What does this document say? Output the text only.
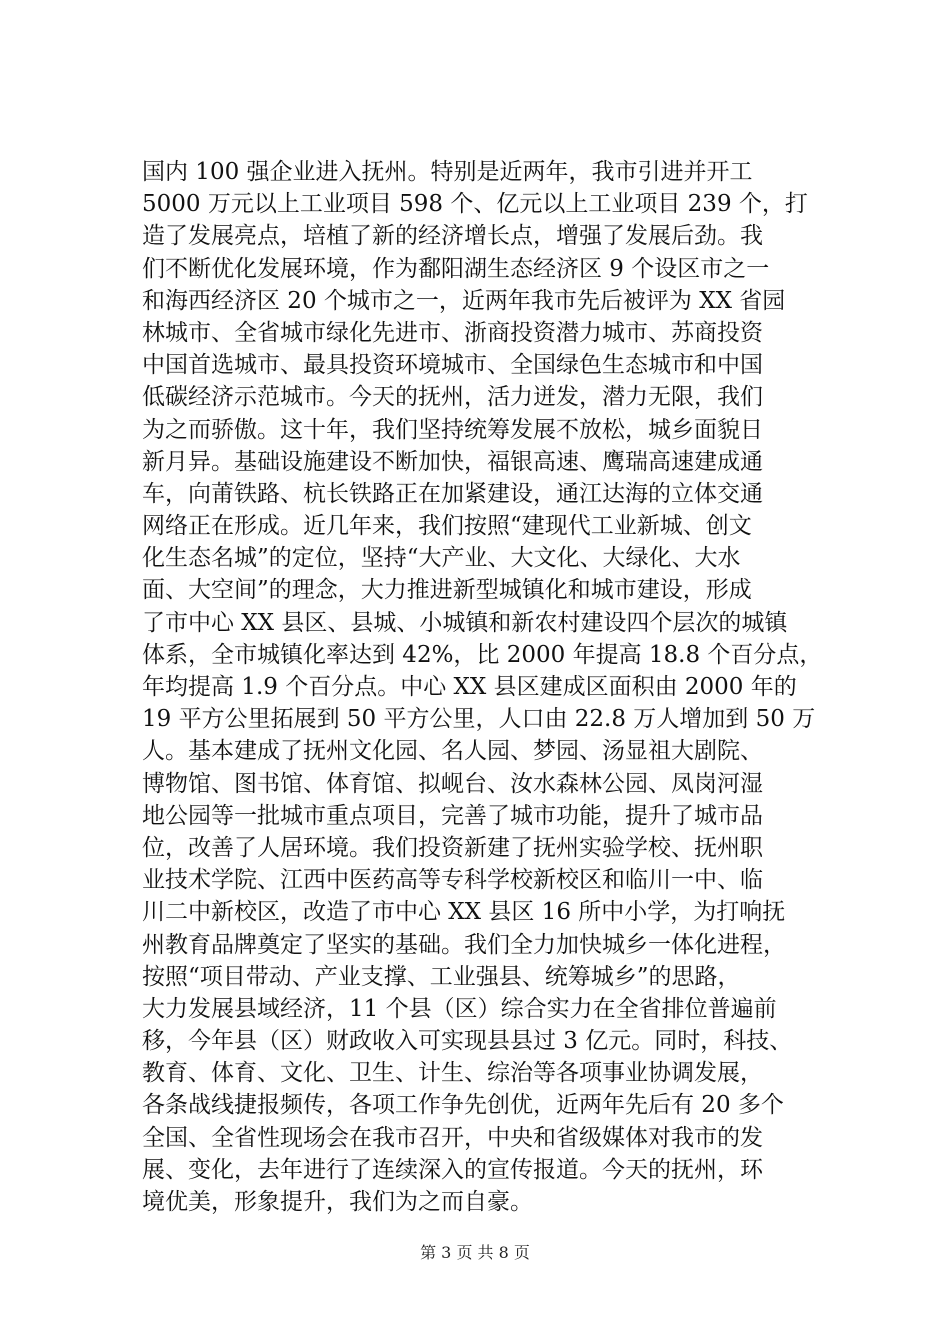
国内 100 强企业进入抚州。特别是近两年，我市引进并开工
5000 万元以上工业项目 598 个、亿元以上工业项目 239 个，打
造了发展亮点，培植了新的经济增长点，增强了发展后劲。我
们不断优化发展环境，作为鄱阳湖生态经济区 9 个设区市之一
和海西经济区 20 个城市之一，近两年我市先后被评为 XX 省园
林城市、全省城市绿化先进市、浙商投资潜力城市、苏商投资
中国首选城市、最具投资环境城市、全国绿色生态城市和中国
低碳经济示范城市。今天的抚州，活力迸发，潜力无限，我们
为之而骄傲。这十年，我们坚持统筹发展不放松，城乡面貌日
新月异。基础设施建设不断加快，福银高速、鹰瑞高速建成通
车，向莆铁路、杭长铁路正在加紧建设，通江达海的立体交通
网络正在形成。近几年来，我们按照“建现代工业新城、创文
化生态名城”的定位，坚持“大产业、大文化、大绿化、大水
面、大空间”的理念，大力推进新型城镇化和城市建设，形成
了市中心 XX 县区、县城、小城镇和新农村建设四个层次的城镇
体系，全市城镇化率达到 42%，比 2000 年提高 18.8 个百分点，
年均提高 1.9 个百分点。中心 XX 县区建成区面积由 2000 年的
19 平方公里拓展到 50 平方公里，人口由 22.8 万人增加到 50 万
人。基本建成了抚州文化园、名人园、梦园、汤显祖大剧院、
博物馆、图书馆、体育馆、拟岘台、汝水森林公园、凤岗河湿
地公园等一批城市重点项目，完善了城市功能，提升了城市品
位，改善了人居环境。我们投资新建了抚州实验学校、抚州职
业技术学院、江西中医药高等专科学校新校区和临川一中、临
川二中新校区，改造了市中心 XX 县区 16 所中小学，为打响抚
州教育品牌奠定了坚实的基础。我们全力加快城乡一体化进程，
按照“项目带动、产业支撑、工业强县、统筹城乡”的思路，
大力发展县域经济，11 个县（区）综合实力在全省排位普遍前
移，今年县（区）财政收入可实现县县过 3 亿元。同时，科技、
教育、体育、文化、卫生、计生、综治等各项事业协调发展，
各条战线捷报频传，各项工作争先创优，近两年先后有 20 多个
全国、全省性现场会在我市召开，中央和省级媒体对我市的发
展、变化，去年进行了连续深入的宣传报道。今天的抚州，环
境优美，形象提升，我们为之而自豪。
第 3 页 共 8 页
